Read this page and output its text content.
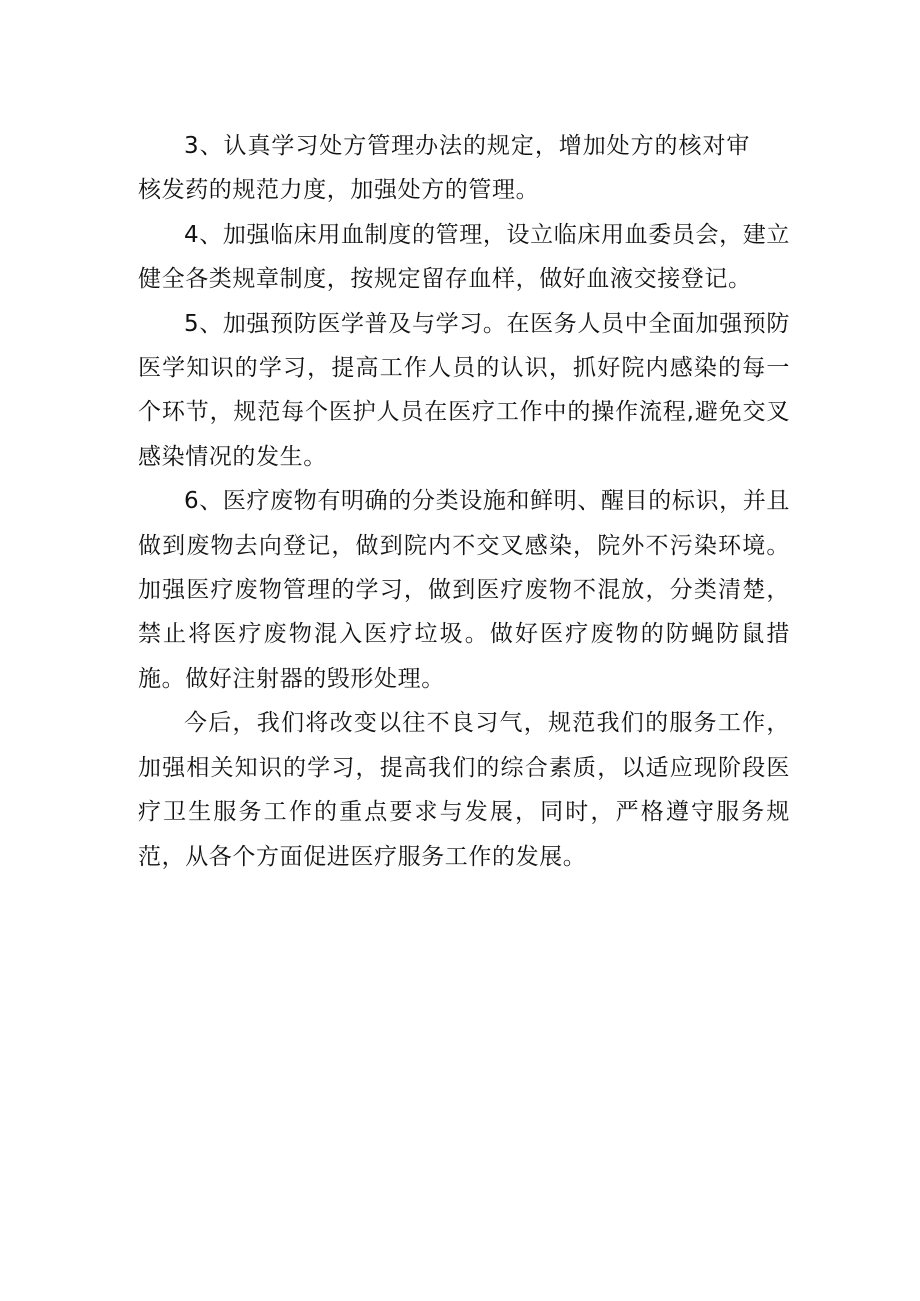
3、认真学习处方管理办法的规定，增加处方的核对审核发药的规范力度，加强处方的管理。

4、加强临床用血制度的管理，设立临床用血委员会，建立健全各类规章制度，按规定留存血样，做好血液交接登记。

5、加强预防医学普及与学习。在医务人员中全面加强预防医学知识的学习，提高工作人员的认识，抓好院内感染的每一个环节，规范每个医护人员在医疗工作中的操作流程,避免交叉感染情况的发生。

6、医疗废物有明确的分类设施和鲜明、醒目的标识，并且做到废物去向登记，做到院内不交叉感染，院外不污染环境。加强医疗废物管理的学习，做到医疗废物不混放，分类清楚，禁止将医疗废物混入医疗垃圾。做好医疗废物的防蝇防鼠措施。做好注射器的毁形处理。

今后，我们将改变以往不良习气，规范我们的服务工作，加强相关知识的学习，提高我们的综合素质，以适应现阶段医疗卫生服务工作的重点要求与发展，同时，严格遵守服务规范，从各个方面促进医疗服务工作的发展。
